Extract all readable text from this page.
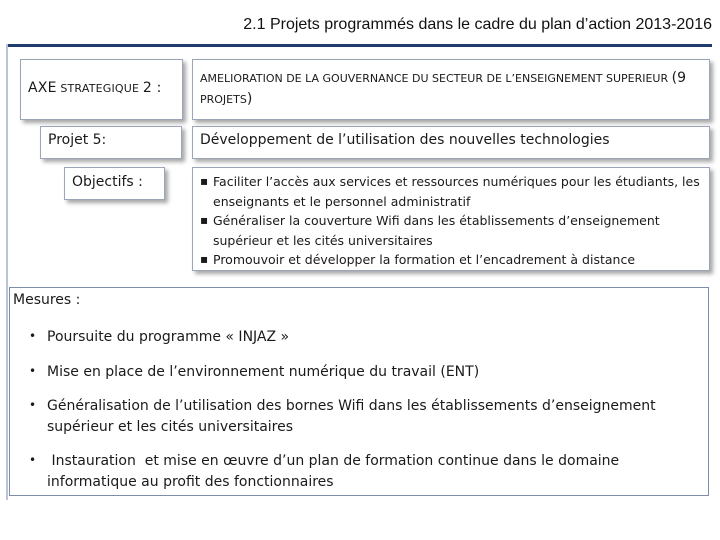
2.1 Projets programmés dans le cadre du plan d’action 2013-2016
AXE STRATEGIQUE 2 :
AMELIORATION DE LA GOUVERNANCE DU SECTEUR DE L’ENSEIGNEMENT SUPERIEUR (9 PROJETS)
Projet 5:	Développement de l’utilisation des nouvelles technologies
Objectifs :
▪	Faciliter l’accès aux services et ressources numériques pour les étudiants, les enseignants et le personnel administratif
▪ Généraliser la couverture Wifi dans les établissements d’enseignement supérieur et les cités universitaires
▪ Promouvoir et développer la formation et l’encadrement à distance
Mesures :
• Poursuite du programme « INJAZ »
• Mise en place de l’environnement numérique du travail (ENT)
• Généralisation de l’utilisation des bornes Wifi dans les établissements d’enseignement supérieur et les cités universitaires
• Instauration  et mise en œuvre d’un plan de formation continue dans le domaine informatique au profit des fonctionnaires
